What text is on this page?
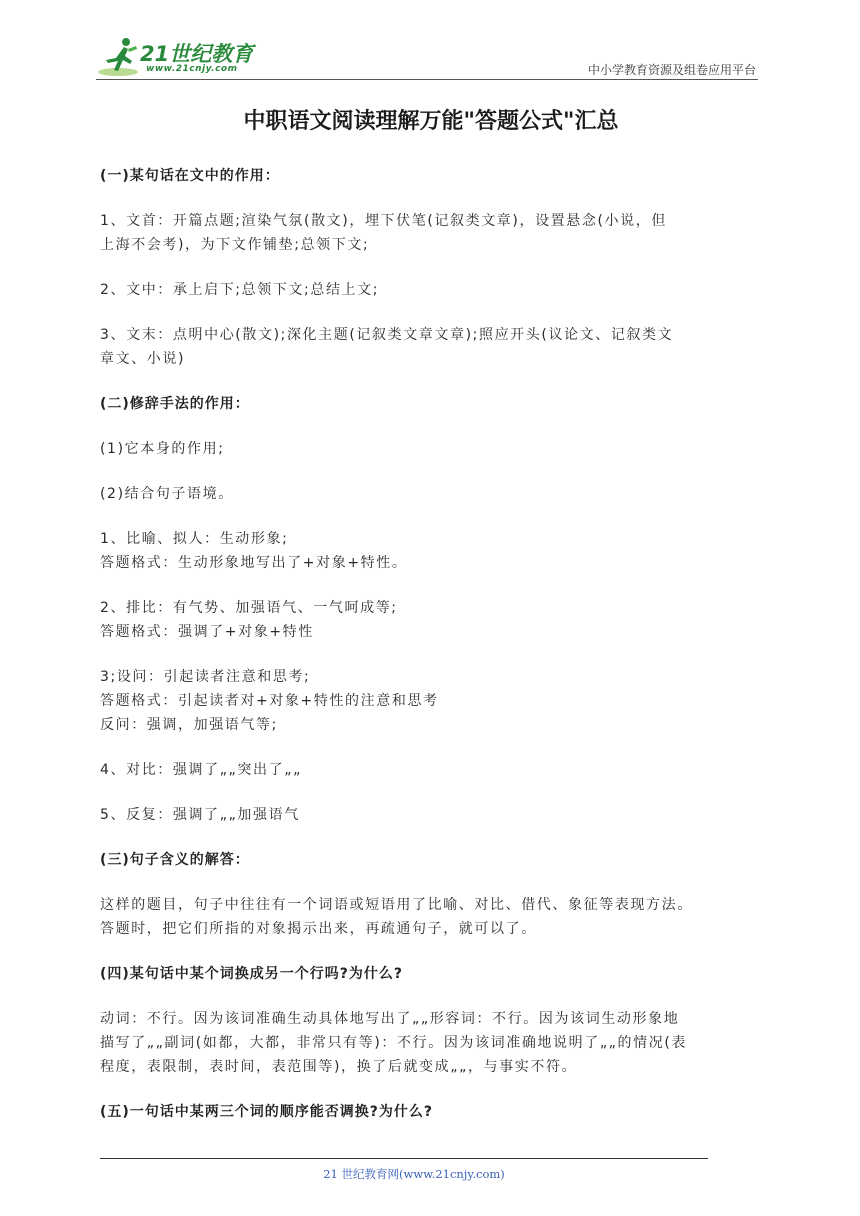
21世纪教育
www.21cnjy.com	中小学教育资源及组卷应用平台
中职语文阅读理解万能"答题公式"汇总
(一)某句话在文中的作用：
1、文首：开篇点题;渲染气氛(散文)，埋下伏笔(记叙类文章)，设置悬念(小说，但
上海不会考)，为下文作铺垫;总领下文;
2、文中：承上启下;总领下文;总结上文;
3、文末：点明中心(散文);深化主题(记叙类文章文章);照应开头(议论文、记叙类文
章文、小说)
(二)修辞手法的作用：
(1)它本身的作用;
(2)结合句子语境。
1、比喻、拟人：生动形象;
答题格式：生动形象地写出了+对象+特性。
2、排比：有气势、加强语气、一气呵成等;
答题格式：强调了+对象+特性
3;设问：引起读者注意和思考;
答题格式：引起读者对+对象+特性的注意和思考
反问：强调，加强语气等;
4、对比：强调了„„突出了„„
5、反复：强调了„„加强语气
(三)句子含义的解答：
这样的题目，句子中往往有一个词语或短语用了比喻、对比、借代、象征等表现方法。
答题时，把它们所指的对象揭示出来，再疏通句子，就可以了。
(四)某句话中某个词换成另一个行吗?为什么?
动词：不行。因为该词准确生动具体地写出了„„形容词：不行。因为该词生动形象地
描写了„„副词(如都，大都，非常只有等)：不行。因为该词准确地说明了„„的情况(表
程度，表限制，表时间，表范围等)，换了后就变成„„，与事实不符。
(五)一句话中某两三个词的顺序能否调换?为什么?
21 世纪教育网(www.21cnjy.com)
